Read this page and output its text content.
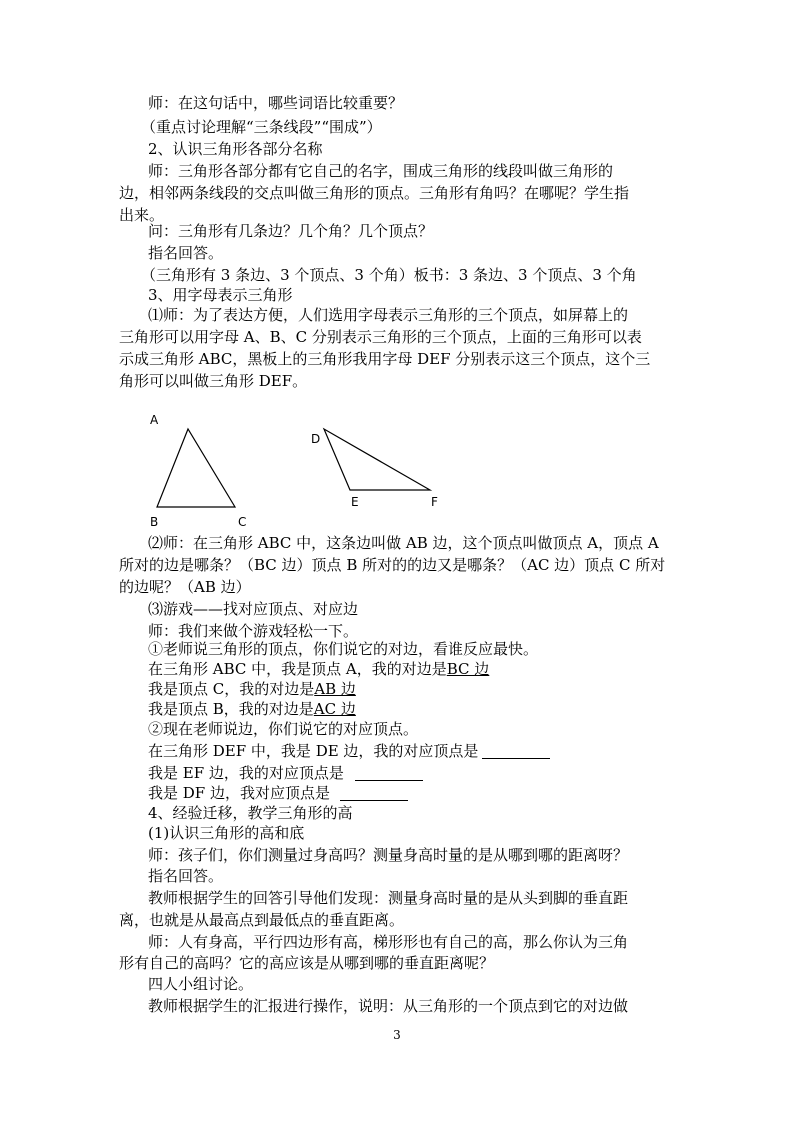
师：在这句话中，哪些词语比较重要？
（重点讨论理解“三条线段”“围成”）
2、认识三角形各部分名称
师：三角形各部分都有它自己的名字，围成三角形的线段叫做三角形的
边，相邻两条线段的交点叫做三角形的顶点。三角形有角吗？在哪呢？学生指
出来。
问：三角形有几条边？几个角？几个顶点？
指名回答。
（三角形有 3 条边、3 个顶点、3 个角）板书：3 条边、3 个顶点、3 个角
3、用字母表示三角形
⑴师：为了表达方便，人们选用字母表示三角形的三个顶点，如屏幕上的
三角形可以用字母 A、B、C 分别表示三角形的三个顶点，上面的三角形可以表
示成三角形 ABC，黑板上的三角形我用字母 DEF 分别表示这三个顶点，这个三
角形可以叫做三角形 DEF。
A
B	C
D
E	F
⑵师：在三角形 ABC 中，这条边叫做 AB 边，这个顶点叫做顶点 A，顶点 A
所对的边是哪条？（BC 边）顶点 B 所对的的边又是哪条？（AC 边）顶点 C 所对
的边呢？（AB 边）
⑶游戏——找对应顶点、对应边
师：我们来做个游戏轻松一下。
①老师说三角形的顶点，你们说它的对边，看谁反应最快。
在三角形 ABC 中，我是顶点 A，我的对边是BC 边
我是顶点 C，我的对边是AB 边
我是顶点 B，我的对边是AC 边
②现在老师说边，你们说它的对应顶点。
在三角形 DEF 中，我是 DE 边，我的对应顶点是
我是 EF 边，我的对应顶点是
我是 DF 边，我对应顶点是
4、经验迁移，教学三角形的高
(1)认识三角形的高和底
师：孩子们，你们测量过身高吗？测量身高时量的是从哪到哪的距离呀？
指名回答。
教师根据学生的回答引导他们发现：测量身高时量的是从头到脚的垂直距
离，也就是从最高点到最低点的垂直距离。
师：人有身高，平行四边形有高，梯形形也有自己的高，那么你认为三角
形有自己的高吗？它的高应该是从哪到哪的垂直距离呢？
四人小组讨论。
教师根据学生的汇报进行操作，说明：从三角形的一个顶点到它的对边做
3
